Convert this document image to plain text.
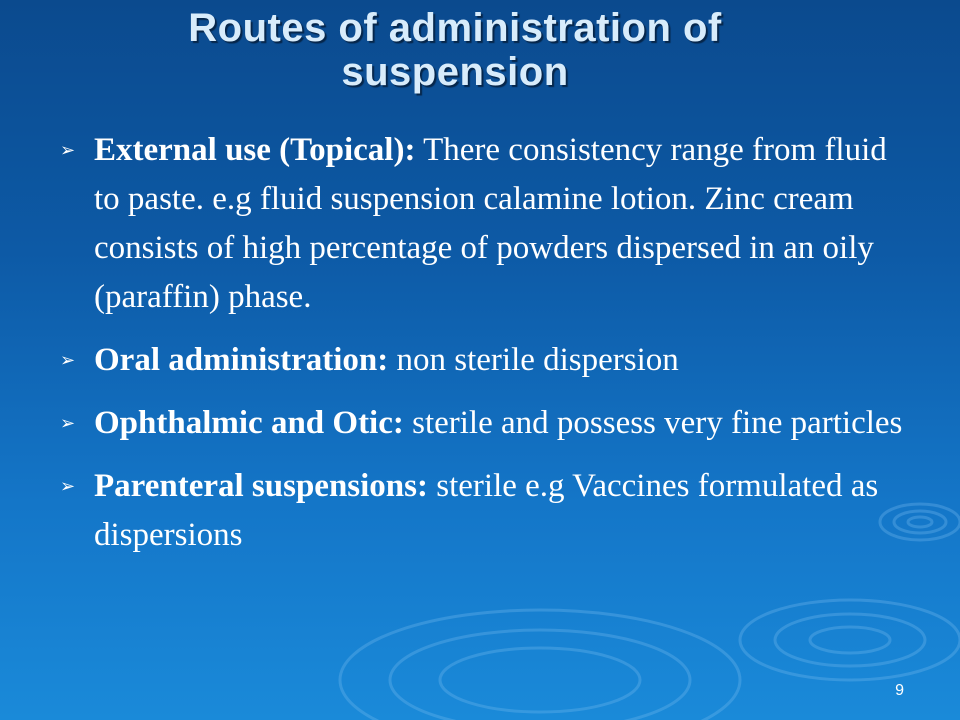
Routes of administration of
suspension
➢ External use (Topical): There consistency range from fluid to paste. e.g fluid suspension calamine lotion. Zinc cream consists of high percentage of powders dispersed in an oily (paraffin) phase.
➢ Oral administration: non sterile dispersion
➢ Ophthalmic and Otic: sterile and possess very fine particles
➢ Parenteral suspensions: sterile e.g Vaccines formulated as dispersions
9
